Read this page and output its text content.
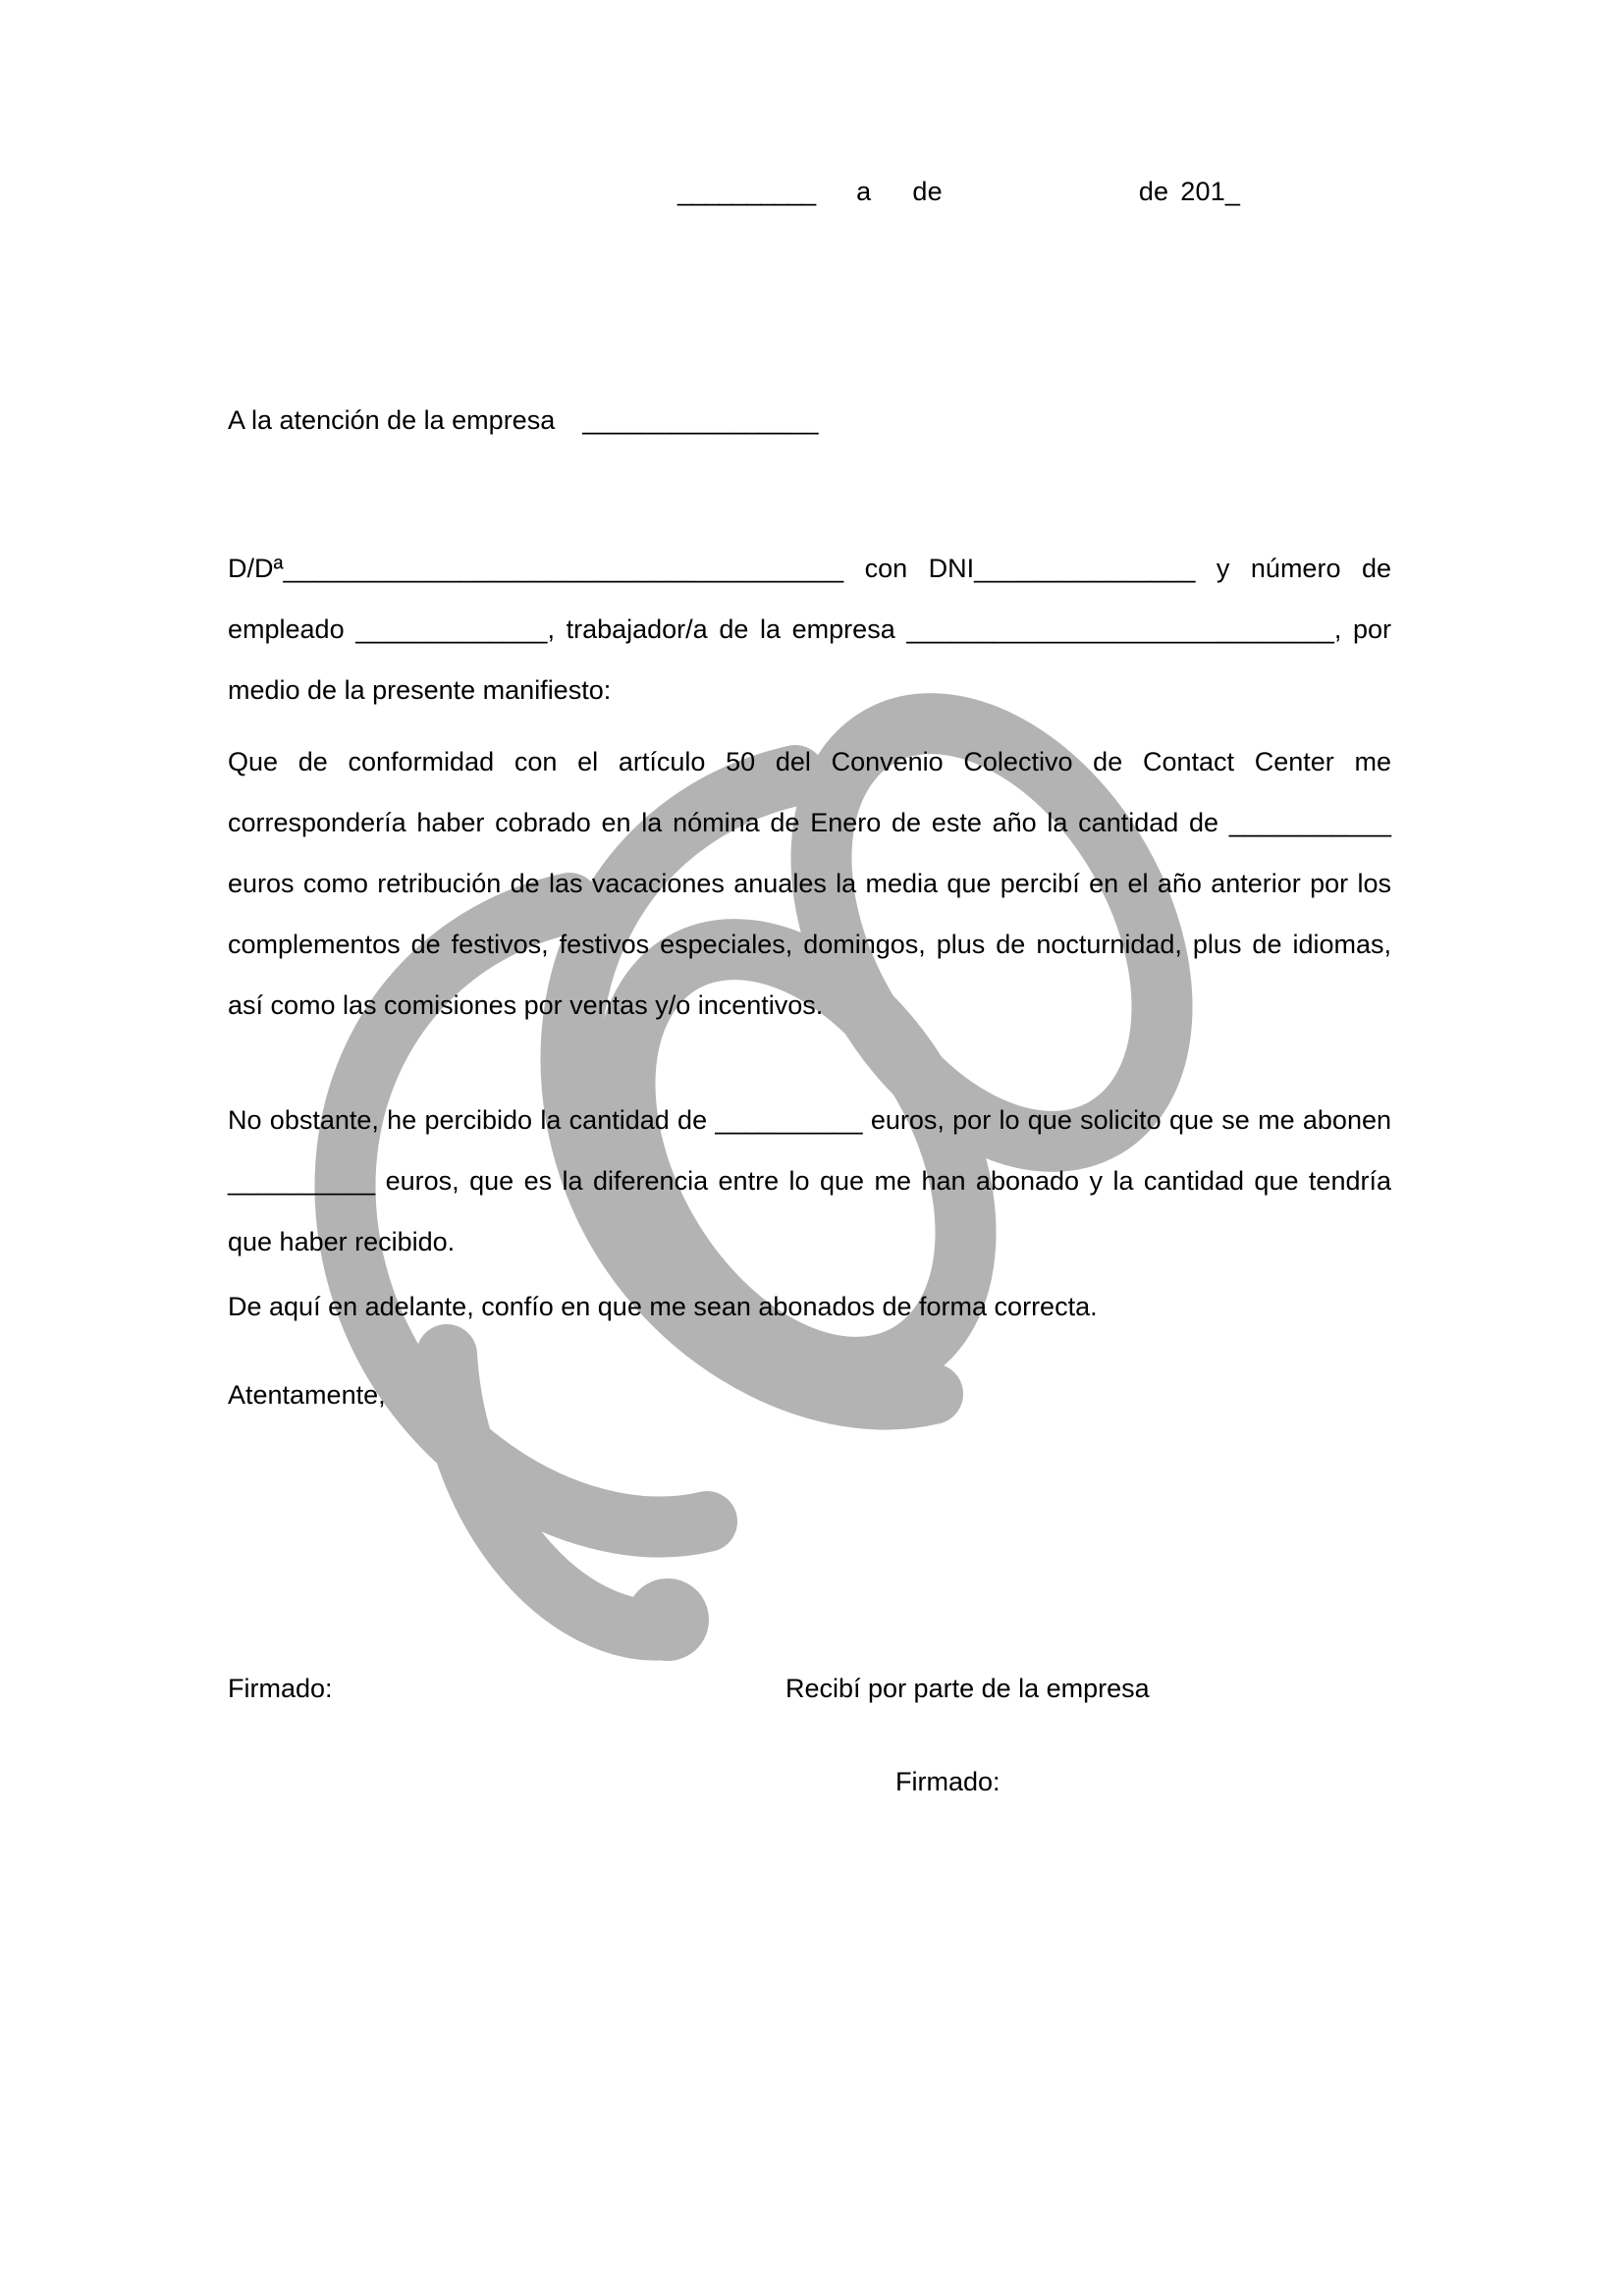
__________ a de	de 201_
A la atención de la empresa ________________
D/Dª______________________________________ con DNI_______________ y número de empleado _____________, trabajador/a de la empresa _____________________________, por medio de la presente manifiesto:
Que de conformidad con el artículo 50 del Convenio Colectivo de Contact Center me correspondería haber cobrado en la nómina de Enero de este año la cantidad de ___________ euros como retribución de las vacaciones anuales la media que percibí en el año anterior por los complementos de festivos, festivos especiales, domingos, plus de nocturnidad, plus de idiomas, así como las comisiones por ventas y/o incentivos.
No obstante, he percibido la cantidad de __________ euros, por lo que solicito que se me abonen __________ euros, que es la diferencia entre lo que me han abonado y la cantidad que tendría que haber recibido.
De aquí en adelante, confío en que me sean abonados de forma correcta.
Atentamente,
Firmado:	Recibí por parte de la empresa
Firmado:
